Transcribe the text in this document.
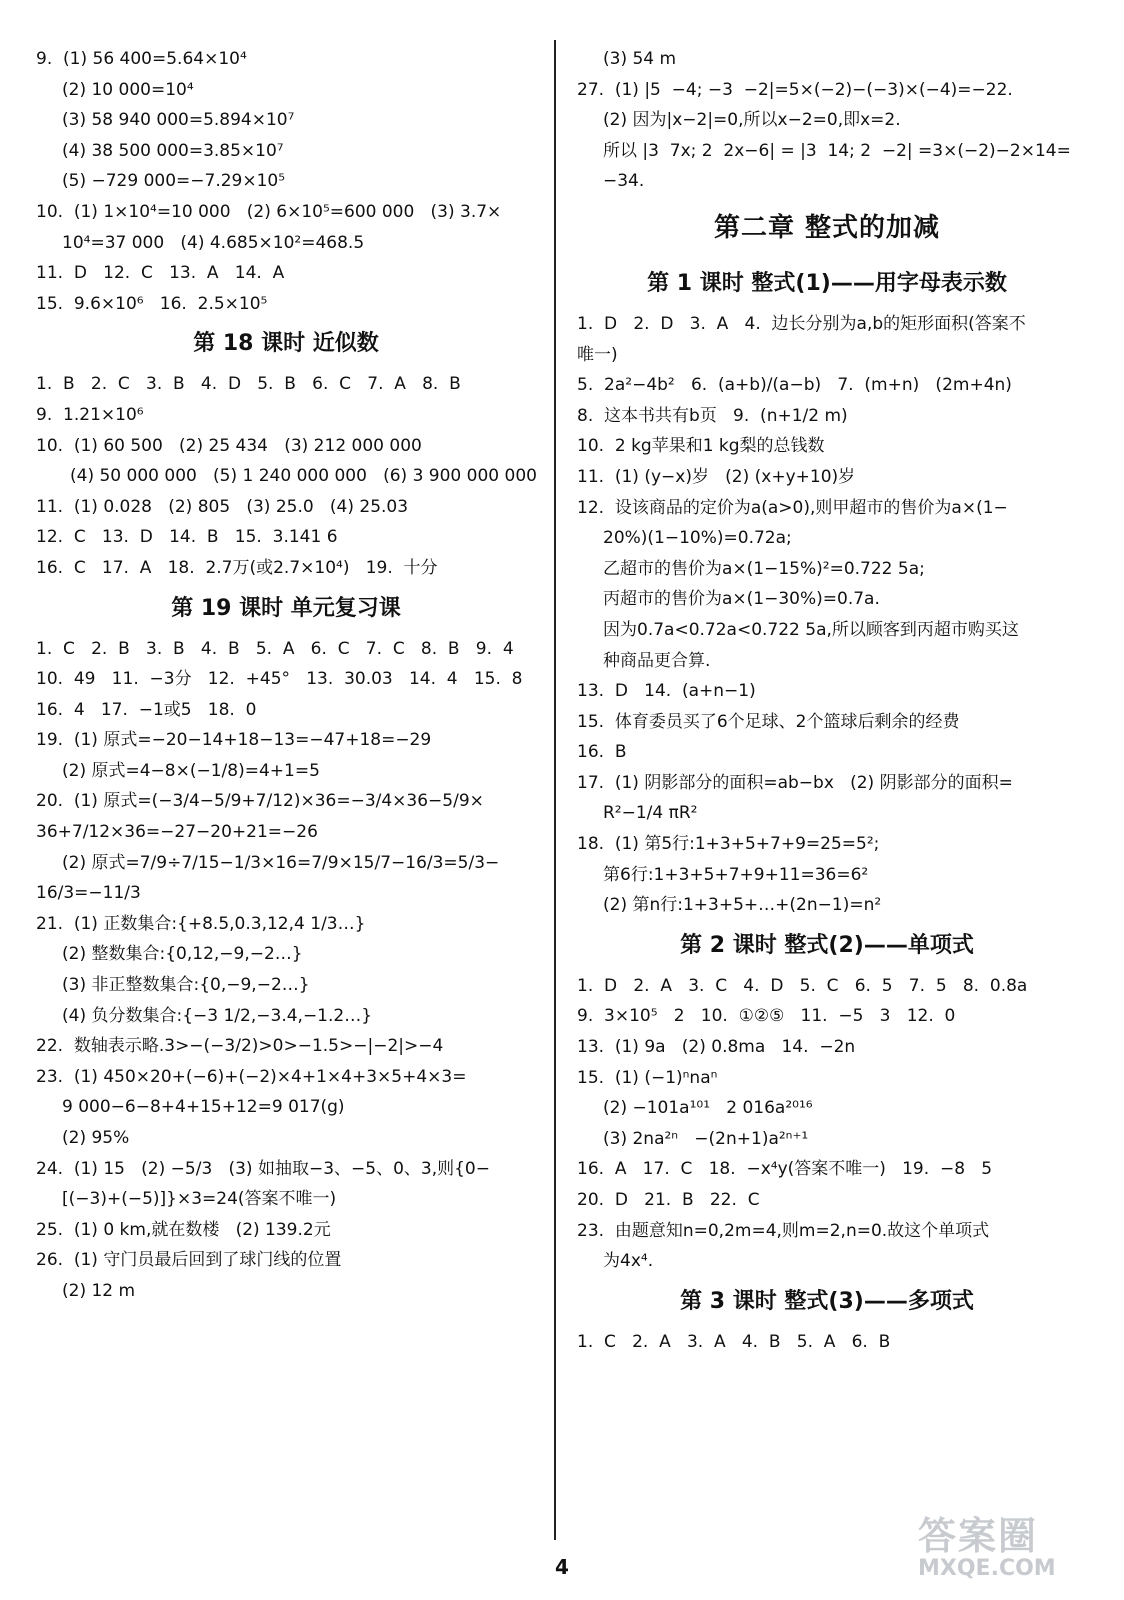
9.  (1) 56 400=5.64×10⁴
(2) 10 000=10⁴
(3) 58 940 000=5.894×10⁷
(4) 38 500 000=3.85×10⁷
(5) −729 000=−7.29×10⁵
10.  (1) 1×10⁴=10 000   (2) 6×10⁵=600 000   (3) 3.7×
10⁴=37 000   (4) 4.685×10²=468.5
11.  D   12.  C   13.  A   14.  A
15.  9.6×10⁶   16.  2.5×10⁵
第 18 课时 近似数
1.  B   2.  C   3.  B   4.  D   5.  B   6.  C   7.  A   8.  B
9.  1.21×10⁶
10.  (1) 60 500   (2) 25 434   (3) 212 000 000
(4) 50 000 000   (5) 1 240 000 000   (6) 3 900 000 000
11.  (1) 0.028   (2) 805   (3) 25.0   (4) 25.03
12.  C   13.  D   14.  B   15.  3.141 6
16.  C   17.  A   18.  2.7万(或2.7×10⁴)   19.  十分
第 19 课时 单元复习课
1.  C   2.  B   3.  B   4.  B   5.  A   6.  C   7.  C   8.  B   9.  4
10.  49   11.  −3分   12.  +45°   13.  30.03   14.  4   15.  8
16.  4   17.  −1或5   18.  0
19.  (1) 原式=−20−14+18−13=−47+18=−29
(2) 原式=4−8×(−1/8)=4+1=5
20.  (1) 原式=(−3/4−5/9+7/12)×36=−3/4×36−5/9×
36+7/12×36=−27−20+21=−26
(2) 原式=7/9÷7/15−1/3×16=7/9×15/7−16/3=5/3−
16/3=−11/3
21.  (1) 正数集合:{+8.5,0.3,12,4 1/3…}
(2) 整数集合:{0,12,−9,−2…}
(3) 非正整数集合:{0,−9,−2…}
(4) 负分数集合:{−3 1/2,−3.4,−1.2…}
22.  数轴表示略.3>−(−3/2)>0>−1.5>−|−2|>−4
23.  (1) 450×20+(−6)+(−2)×4+1×4+3×5+4×3=
9 000−6−8+4+15+12=9 017(g)
(2) 95%
24.  (1) 15   (2) −5/3   (3) 如抽取−3、−5、0、3,则{0−
[(−3)+(−5)]}×3=24(答案不唯一)
25.  (1) 0 km,就在数楼   (2) 139.2元
26.  (1) 守门员最后回到了球门线的位置
(2) 12 m
(3) 54 m
27.  (1) |5  −4; −3  −2|=5×(−2)−(−3)×(−4)=−22.
(2) 因为|x−2|=0,所以x−2=0,即x=2.
所以 |3  7x; 2  2x−6| = |3  14; 2  −2| =3×(−2)−2×14=
−34.
第二章 整式的加减
第 1 课时 整式(1)——用字母表示数
1.  D   2.  D   3.  A   4.  边长分别为a,b的矩形面积(答案不
唯一)
5.  2a²−4b²   6.  (a+b)/(a−b)   7.  (m+n)   (2m+4n)
8.  这本书共有b页   9.  (n+1/2 m)
10.  2 kg苹果和1 kg梨的总钱数
11.  (1) (y−x)岁   (2) (x+y+10)岁
12.  设该商品的定价为a(a>0),则甲超市的售价为a×(1−
20%)(1−10%)=0.72a;
乙超市的售价为a×(1−15%)²=0.722 5a;
丙超市的售价为a×(1−30%)=0.7a.
因为0.7a<0.72a<0.722 5a,所以顾客到丙超市购买这
种商品更合算.
13.  D   14.  (a+n−1)
15.  体育委员买了6个足球、2个篮球后剩余的经费
16.  B
17.  (1) 阴影部分的面积=ab−bx   (2) 阴影部分的面积=
R²−1/4 πR²
18.  (1) 第5行:1+3+5+7+9=25=5²;
第6行:1+3+5+7+9+11=36=6²
(2) 第n行:1+3+5+…+(2n−1)=n²
第 2 课时 整式(2)——单项式
1.  D   2.  A   3.  C   4.  D   5.  C   6.  5   7.  5   8.  0.8a
9.  3×10⁵   2   10.  ①②⑤   11.  −5   3   12.  0
13.  (1) 9a   (2) 0.8ma   14.  −2n
15.  (1) (−1)ⁿnaⁿ
(2) −101a¹⁰¹   2 016a²⁰¹⁶
(3) 2na²ⁿ   −(2n+1)a²ⁿ⁺¹
16.  A   17.  C   18.  −x⁴y(答案不唯一)   19.  −8   5
20.  D   21.  B   22.  C
23.  由题意知n=0,2m=4,则m=2,n=0.故这个单项式
为4x⁴.
第 3 课时 整式(3)——多项式
1.  C   2.  A   3.  A   4.  B   5.  A   6.  B
4
答案圈
MXQE.COM
